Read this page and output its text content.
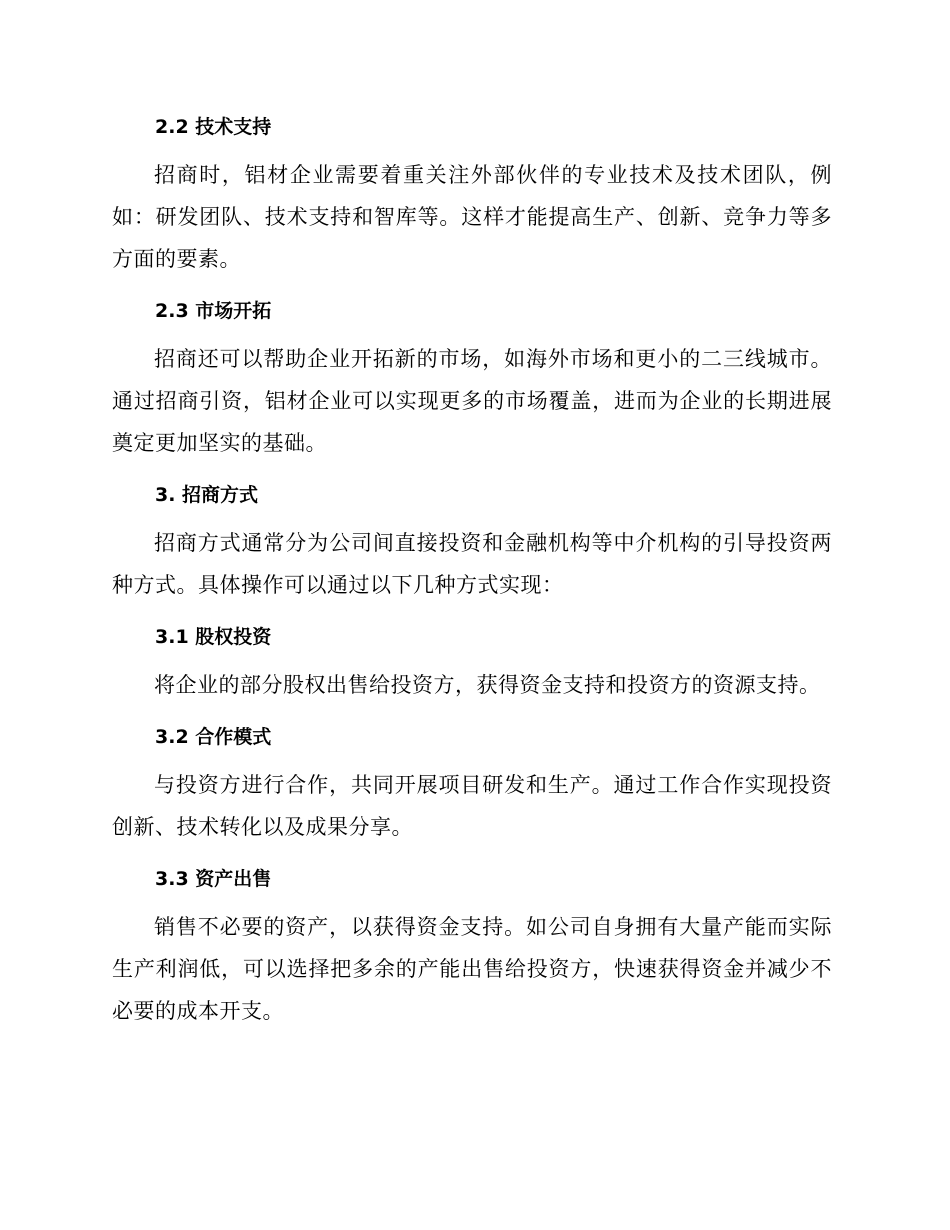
2.2 技术支持

招商时，铝材企业需要着重关注外部伙伴的专业技术及技术团队，例如：研发团队、技术支持和智库等。这样才能提高生产、创新、竞争力等多方面的要素。

2.3 市场开拓

招商还可以帮助企业开拓新的市场，如海外市场和更小的二三线城市。通过招商引资，铝材企业可以实现更多的市场覆盖，进而为企业的长期进展奠定更加坚实的基础。

3. 招商方式

招商方式通常分为公司间直接投资和金融机构等中介机构的引导投资两种方式。具体操作可以通过以下几种方式实现：

3.1 股权投资

将企业的部分股权出售给投资方，获得资金支持和投资方的资源支持。

3.2 合作模式

与投资方进行合作，共同开展项目研发和生产。通过工作合作实现投资创新、技术转化以及成果分享。

3.3 资产出售

销售不必要的资产，以获得资金支持。如公司自身拥有大量产能而实际生产利润低，可以选择把多余的产能出售给投资方，快速获得资金并减少不必要的成本开支。
